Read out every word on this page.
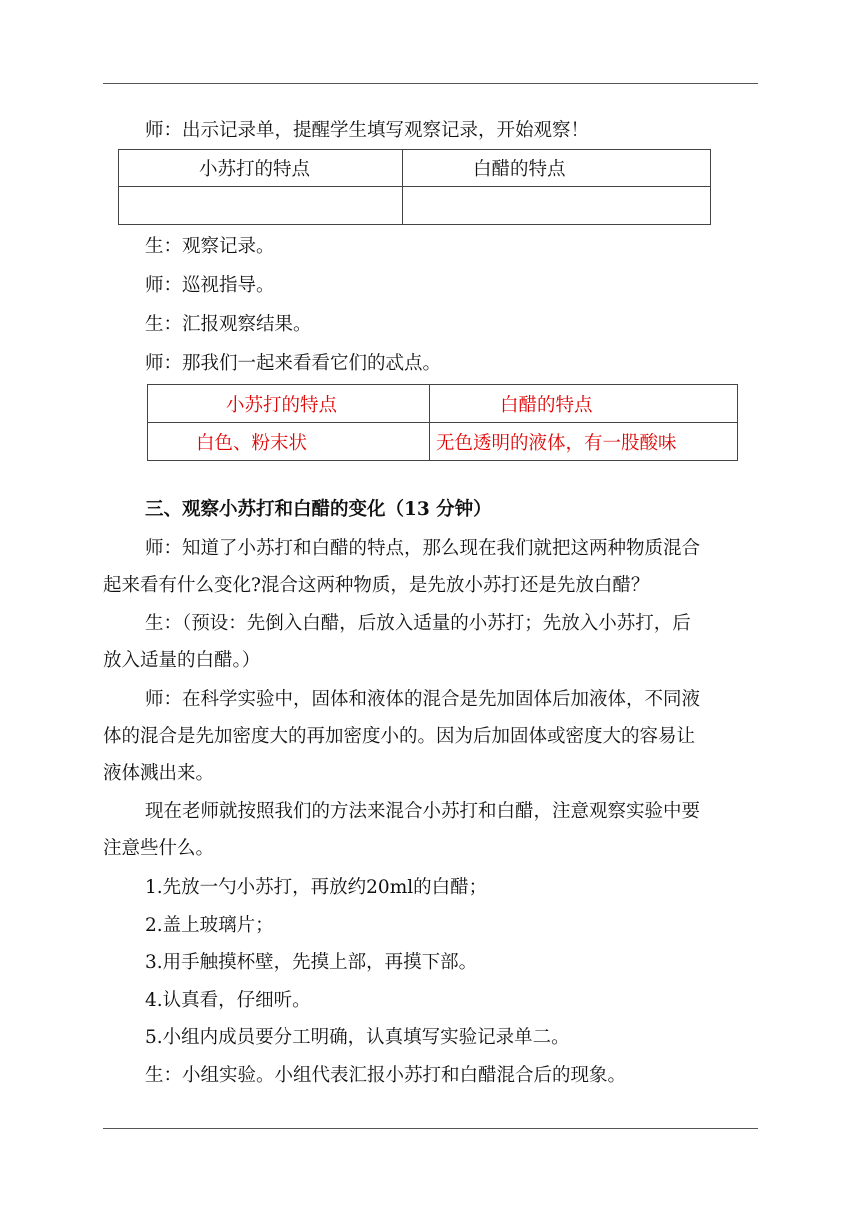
师：出示记录单，提醒学生填写观察记录，开始观察！
小苏打的特点	白醋的特点

生：观察记录。
师：巡视指导。
生：汇报观察结果。
师：那我们一起来看看它们的忒点。
小苏打的特点	白醋的特点
白色、粉末状	无色透明的液体，有一股酸味
三、观察小苏打和白醋的变化（13 分钟）
师：知道了小苏打和白醋的特点，那么现在我们就把这两种物质混合
起来看有什么变化?混合这两种物质，是先放小苏打还是先放白醋？
生：（预设：先倒入白醋，后放入适量的小苏打；先放入小苏打，后
放入适量的白醋。）
师：在科学实验中，固体和液体的混合是先加固体后加液体，不同液
体的混合是先加密度大的再加密度小的。因为后加固体或密度大的容易让
液体溅出来。
现在老师就按照我们的方法来混合小苏打和白醋，注意观察实验中要
注意些什么。
1.先放一勺小苏打，再放约20ml的白醋；
2.盖上玻璃片；
3.用手触摸杯壁，先摸上部，再摸下部。
4.认真看，仔细听。
5.小组内成员要分工明确，认真填写实验记录单二。
生：小组实验。小组代表汇报小苏打和白醋混合后的现象。
